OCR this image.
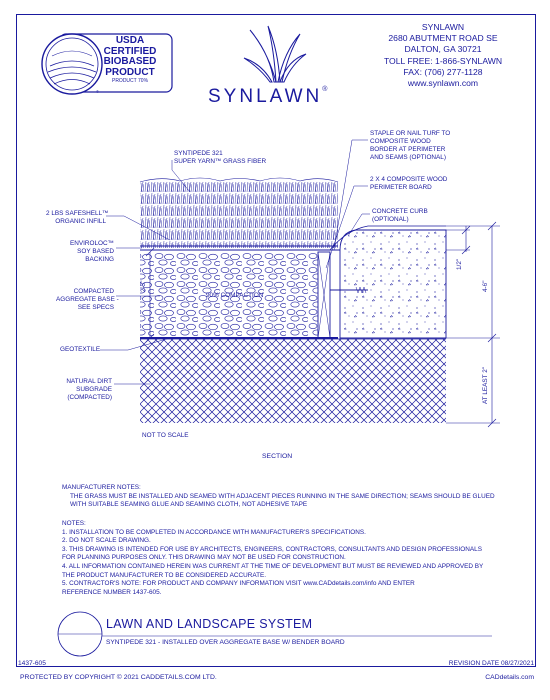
®
USDA
CERTIFIED
BIOBASED
PRODUCT
PRODUCT 70%
SYNLAWN®
SYNLAWN
2680 ABUTMENT ROAD SE
DALTON, GA 30721
TOLL FREE: 1-866-SYNLAWN
FAX: (706) 277-1128
www.synlawn.com
SYNTIPEDE 321
SUPER YARN™ GRASS FIBER
2 LBS SAFESHELL™
ORGANIC INFILL
ENVIROLOC™
SOY BASED
BACKING
COMPACTED
AGGREGATE BASE -
SEE SPECS
GEOTEXTILE
NATURAL DIRT
SUBGRADE
(COMPACTED)
STAPLE OR NAIL TURF TO
COMPOSITE WOOD
BORDER AT PERIMETER
AND SEAMS (OPTIONAL)
2 X 4 COMPOSITE WOOD
PERIMETER BOARD
CONCRETE CURB
(OPTIONAL)
90% COMPACTION
2-3"
1/2"
4-6"
AT LEAST 2"
NOT TO SCALE
SECTION
MANUFACTURER NOTES:
THE GRASS MUST BE INSTALLED AND SEAMED WITH ADJACENT PIECES RUNNING IN THE SAME DIRECTION; SEAMS SHOULD BE GLUED
WITH SUITABLE SEAMING GLUE AND SEAMING CLOTH, NOT ADHESIVE TAPE
NOTES:
1. INSTALLATION TO BE COMPLETED IN ACCORDANCE WITH MANUFACTURER'S SPECIFICATIONS.
2. DO NOT SCALE DRAWING.
3. THIS DRAWING IS INTENDED FOR USE BY ARCHITECTS, ENGINEERS, CONTRACTORS, CONSULTANTS AND DESIGN PROFESSIONALS
FOR PLANNING PURPOSES ONLY. THIS DRAWING MAY NOT BE USED FOR CONSTRUCTION.
4. ALL INFORMATION CONTAINED HEREIN WAS CURRENT AT THE TIME OF DEVELOPMENT BUT MUST BE REVIEWED AND APPROVED BY
THE PRODUCT MANUFACTURER TO BE CONSIDERED ACCURATE.
5. CONTRACTOR'S NOTE: FOR PRODUCT AND COMPANY INFORMATION VISIT www.CADdetails.com/info AND ENTER
REFERENCE NUMBER 1437-605.
LAWN AND LANDSCAPE SYSTEM
SYNTIPEDE 321 - INSTALLED OVER AGGREGATE BASE W/ BENDER BOARD
1437-605	REVISION DATE 08/27/2021
PROTECTED BY COPYRIGHT © 2021 CADDETAILS.COM LTD.	CADdetails.com
